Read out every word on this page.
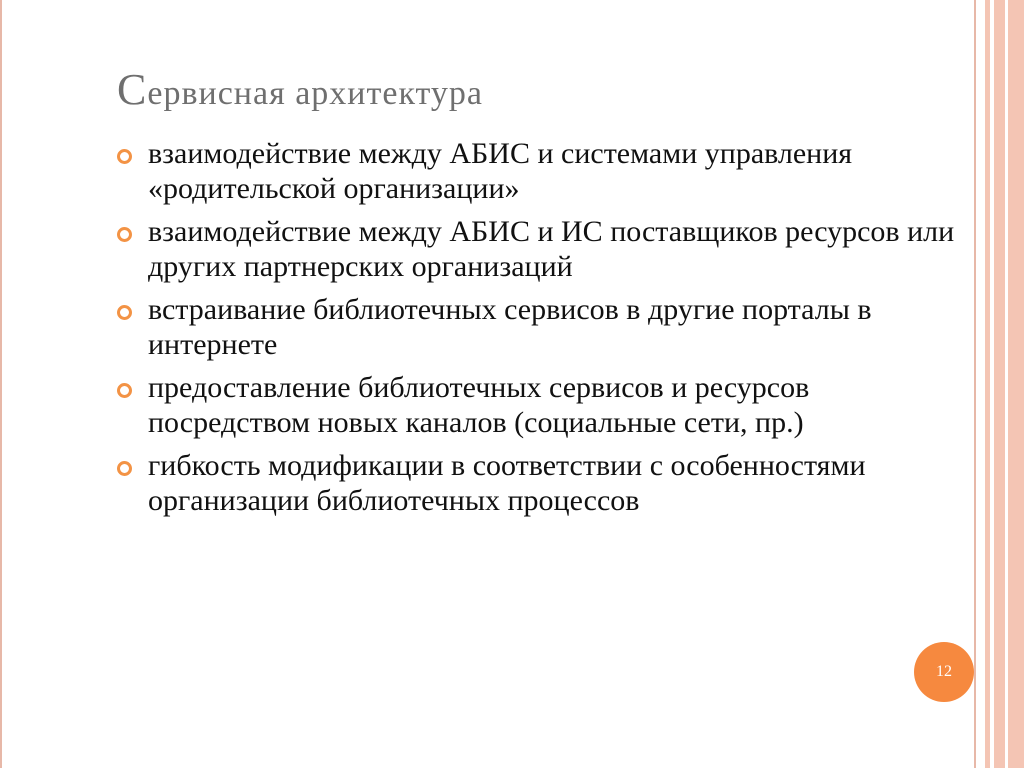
Сервисная архитектура
взаимодействие между АБИС и системами управления «родительской организации»
взаимодействие между АБИС и ИС поставщиков ресурсов или других партнерских организаций
встраивание библиотечных сервисов в другие порталы в интернете
предоставление библиотечных сервисов и ресурсов посредством новых каналов (социальные сети, пр.)
гибкость модификации в соответствии с особенностями организации библиотечных процессов
12
